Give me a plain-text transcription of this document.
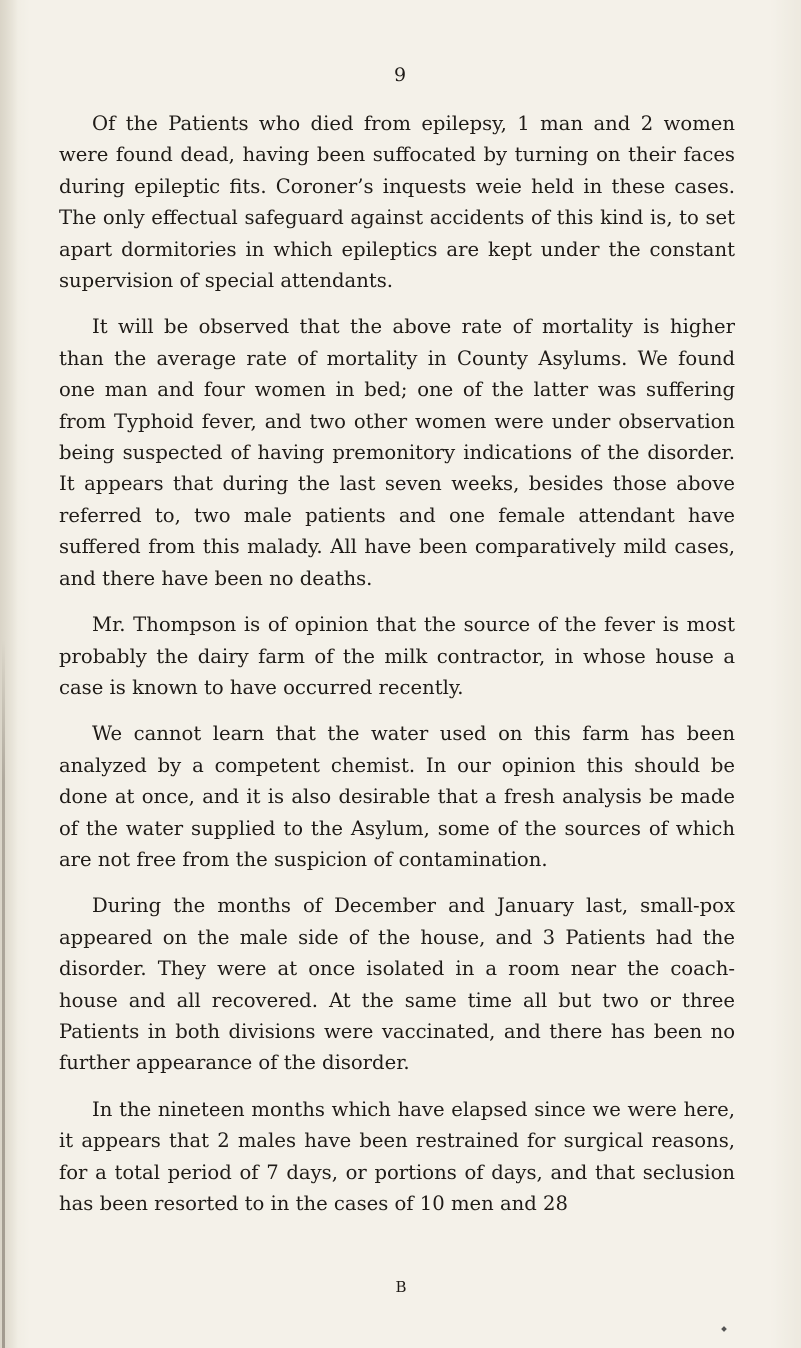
9

Of the Patients who died from epilepsy, 1 man and 2 women were found dead, having been suffocated by turning on their faces during epileptic fits. Coroner’s inquests weie held in these cases. The only effectual safeguard against accidents of this kind is, to set apart dormitories in which epileptics are kept under the constant supervision of special attendants.

It will be observed that the above rate of mortality is higher than the average rate of mortality in County Asylums. We found one man and four women in bed; one of the latter was suffering from Typhoid fever, and two other women were under observation being suspected of having premonitory indications of the disorder. It appears that during the last seven weeks, besides those above referred to, two male patients and one female attendant have suffered from this malady. All have been comparatively mild cases, and there have been no deaths.

Mr. Thompson is of opinion that the source of the fever is most probably the dairy farm of the milk contractor, in whose house a case is known to have occurred recently.

We cannot learn that the water used on this farm has been analyzed by a competent chemist. In our opinion this should be done at once, and it is also desirable that a fresh analysis be made of the water supplied to the Asylum, some of the sources of which are not free from the suspicion of contamination.

During the months of December and January last, small-pox appeared on the male side of the house, and 3 Patients had the disorder. They were at once isolated in a room near the coach-house and all recovered. At the same time all but two or three Patients in both divisions were vaccinated, and there has been no further appearance of the disorder.

In the nineteen months which have elapsed since we were here, it appears that 2 males have been restrained for surgical reasons, for a total period of 7 days, or portions of days, and that seclusion has been resorted to in the cases of 10 men and 28

B
